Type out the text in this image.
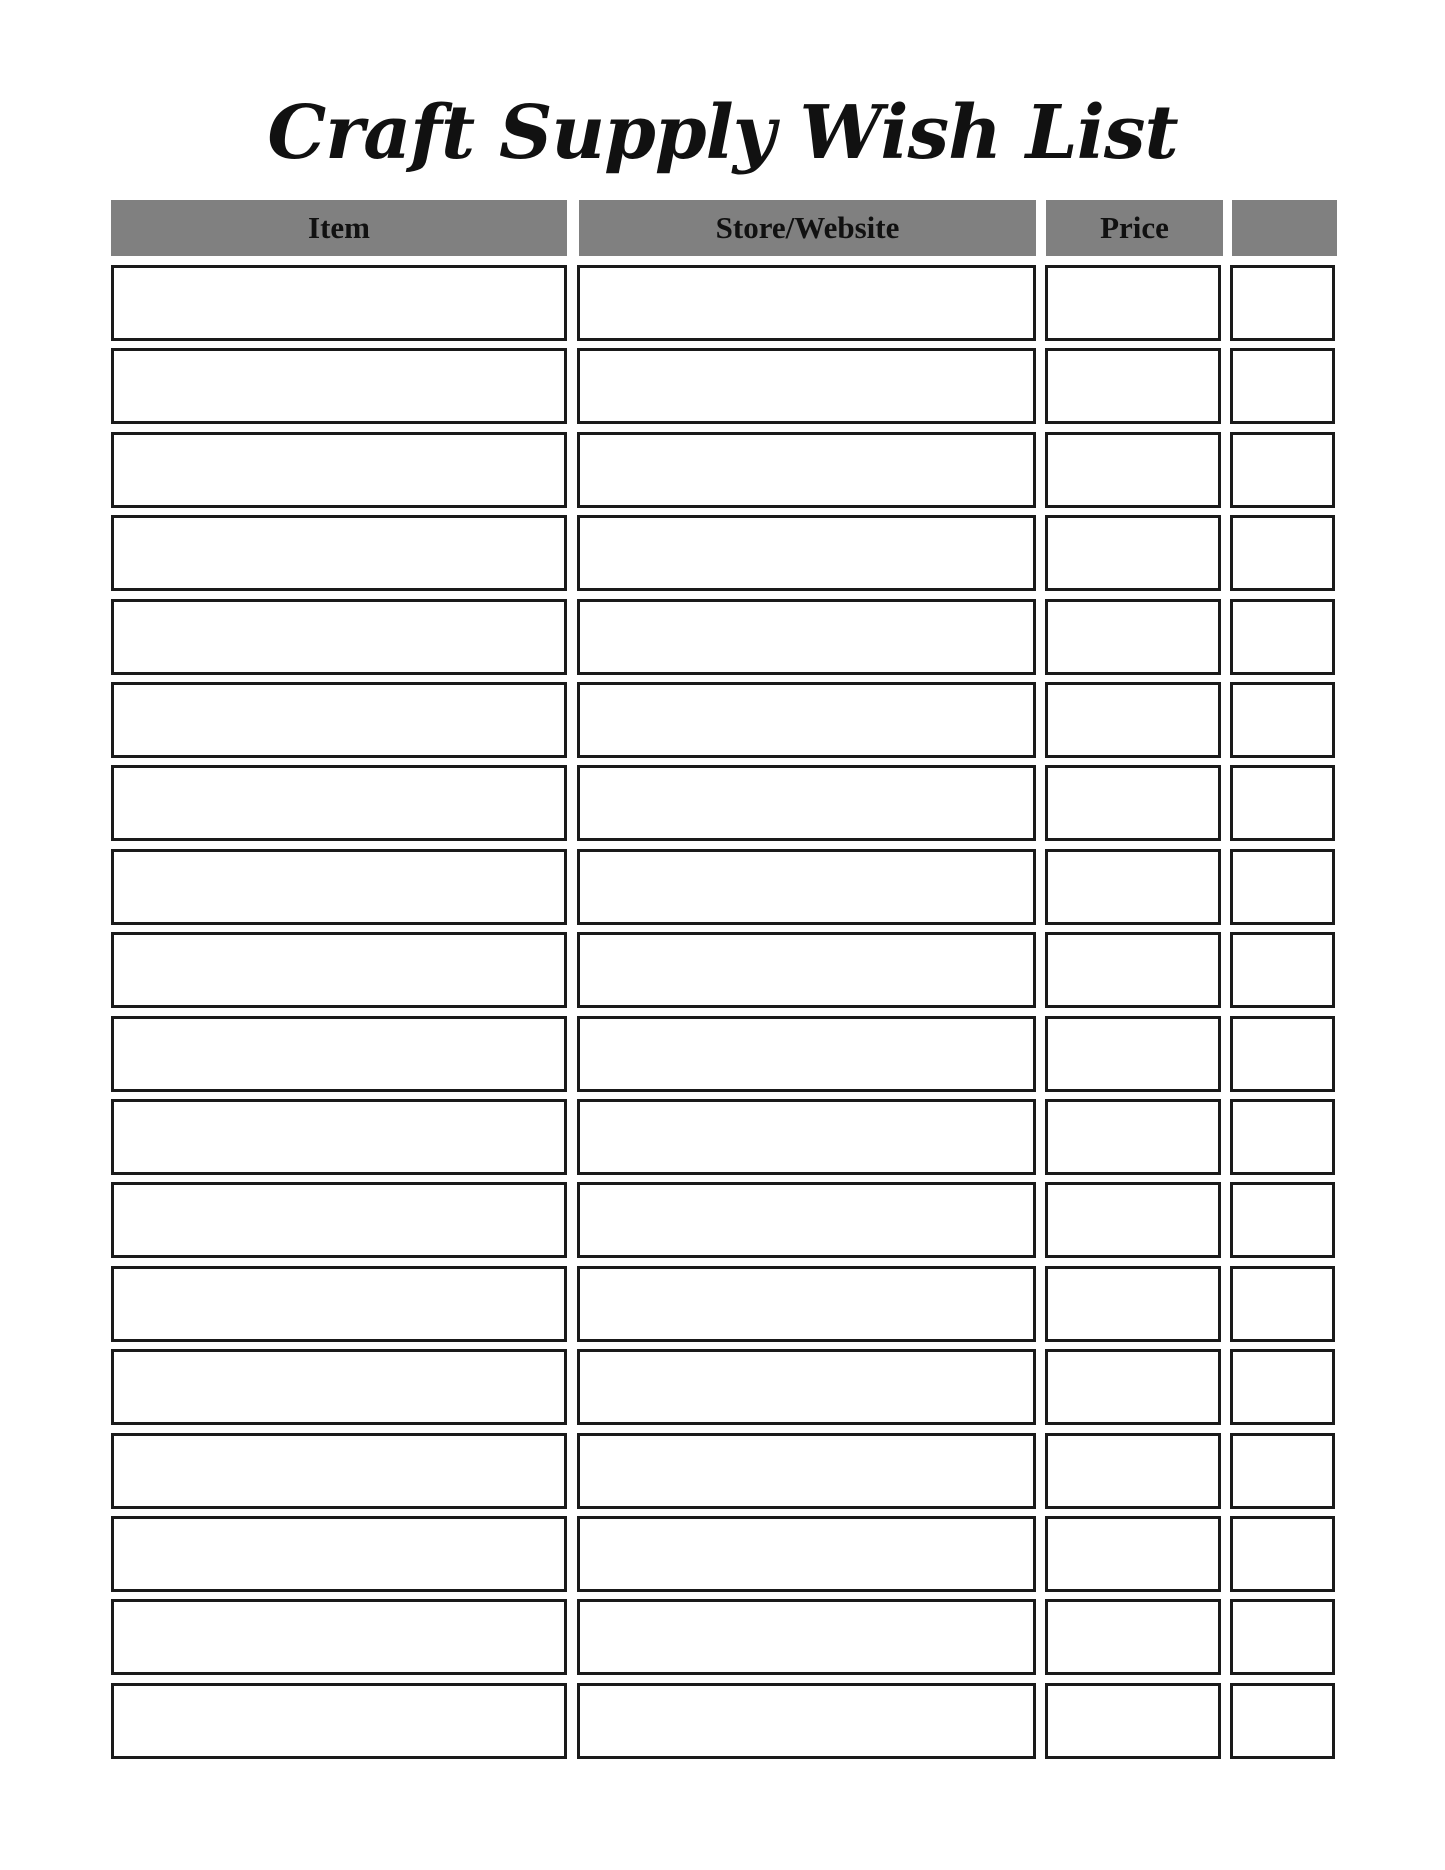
Craft Supply Wish List
Item	Store/Website	Price
